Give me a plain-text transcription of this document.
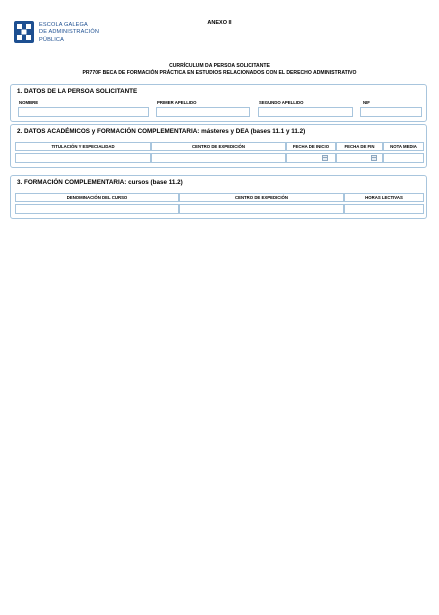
ESCOLA GALEGA
DE ADMINISTRACIÓN
PÚBLICA
ANEXO II
CURRÍCULUM DA PERSOA SOLICITANTE
PR770F BECA DE FORMACIÓN PRÁCTICA EN ESTUDIOS RELACIONADOS CON EL DERECHO ADMINISTRATIVO
1. DATOS DE LA PERSOA SOLICITANTE
NOMBRE	PRIMER APELLIDO	SEGUNDO APELLIDO	NIF
2. DATOS ACADÉMICOS y FORMACIÓN COMPLEMENTARIA: másteres y DEA (bases 11.1 y 11.2)
TITULACIÓN Y ESPECIALIDAD	CENTRO DE EXPEDICIÓN	FECHA DE INICIO	FECHA DE FIN	NOTA MEDIA
3. FORMACIÓN COMPLEMENTARIA: cursos (base 11.2)
DENOMINACIÓN DEL CURSO	CENTRO DE EXPEDICIÓN	HORAS LECTIVAS
